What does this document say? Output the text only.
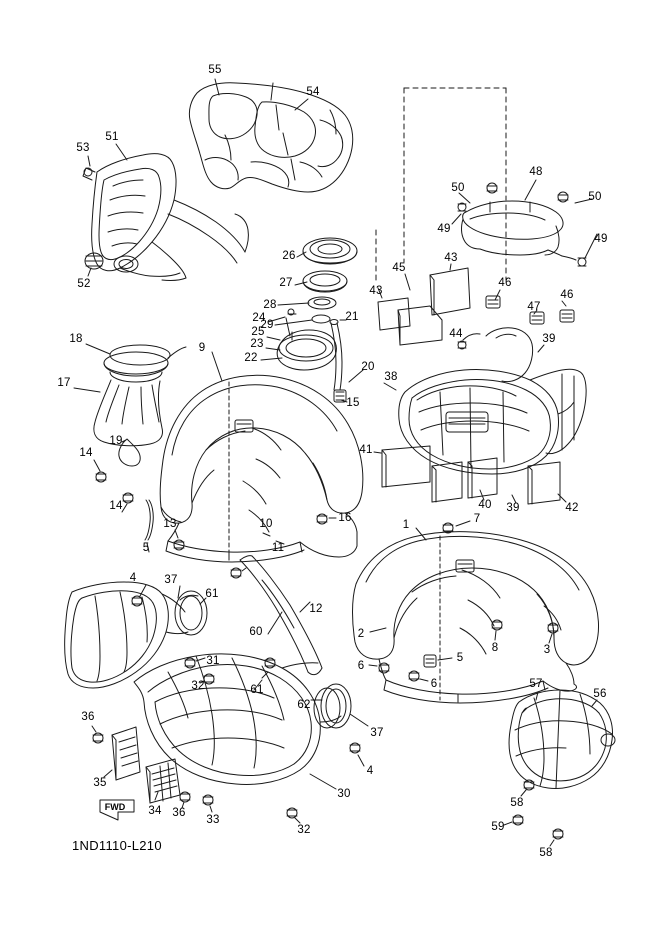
55
54
51
53
48
50
50
49
49
52
26
27
45
43
43
46
28
29
24	21
47
46
25
23
44	39
18
9
22
20
38
17
15
19
14	41
14
13	10	16
40 39	42
5	11
1	7
4 37
61
12
2
8	3
60
6
5
6
31
32	61
62
57
56
37
36
35
34 36
33
30
4
32
58
59
58
FWD
1ND1110-L210
